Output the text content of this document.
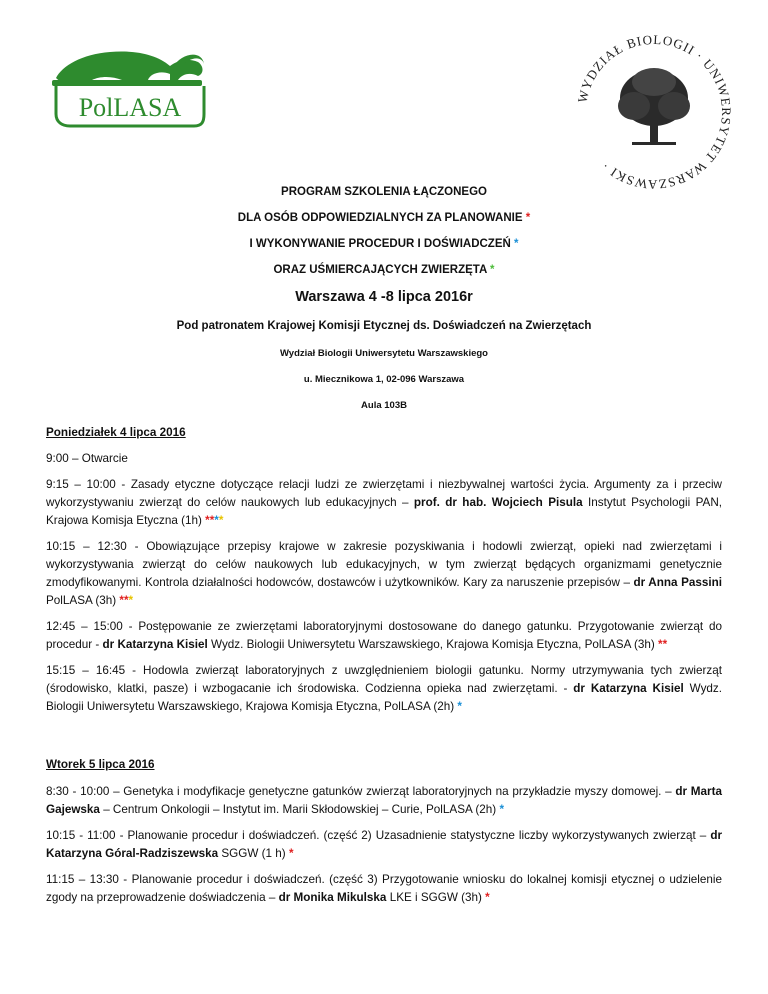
PolLASA	WYDZIAŁ BIOLOGII · UNIWERSYTET WARSZAWSKI ·
PROGRAM SZKOLENIA ŁĄCZONEGO
DLA OSÓB ODPOWIEDZIALNYCH ZA PLANOWANIE *
I WYKONYWANIE PROCEDUR I DOŚWIADCZEŃ *
ORAZ UŚMIERCAJĄCYCH ZWIERZĘTA *
Warszawa 4 -8 lipca 2016r
Pod patronatem Krajowej Komisji Etycznej ds. Doświadczeń na Zwierzętach
Wydział Biologii Uniwersytetu Warszawskiego
u. Miecznikowa 1, 02-096 Warszawa
Aula 103B

Poniedziałek 4 lipca 2016

9:00 – Otwarcie

9:15 – 10:00 - Zasady etyczne dotyczące relacji ludzi ze zwierzętami i niezbywalnej wartości życia. Argumenty za i przeciw wykorzystywaniu zwierząt do celów naukowych lub edukacyjnych – prof. dr hab. Wojciech Pisula Instytut Psychologii PAN, Krajowa Komisja Etyczna (1h) ****

10:15 – 12:30 - Obowiązujące przepisy krajowe w zakresie pozyskiwania i hodowli zwierząt, opieki nad zwierzętami i wykorzystywania zwierząt do celów naukowych lub edukacyjnych, w tym zwierząt będących organizmami genetycznie zmodyfikowanymi. Kontrola działalności hodowców, dostawców i użytkowników. Kary za naruszenie przepisów – dr Anna Passini PolLASA (3h) ***

12:45 – 15:00 - Postępowanie ze zwierzętami laboratoryjnymi dostosowane do danego gatunku. Przygotowanie zwierząt do procedur - dr Katarzyna Kisiel Wydz. Biologii Uniwersytetu Warszawskiego, Krajowa Komisja Etyczna, PolLASA (3h) **

15:15 – 16:45 - Hodowla zwierząt laboratoryjnych z uwzględnieniem biologii gatunku. Normy utrzymywania tych zwierząt (środowisko, klatki, pasze) i wzbogacanie ich środowiska. Codzienna opieka nad zwierzętami. - dr Katarzyna Kisiel Wydz. Biologii Uniwersytetu Warszawskiego, Krajowa Komisja Etyczna, PolLASA (2h) *

Wtorek 5 lipca 2016

8:30 - 10:00 – Genetyka i modyfikacje genetyczne gatunków zwierząt laboratoryjnych na przykładzie myszy domowej. – dr Marta Gajewska – Centrum Onkologii – Instytut im. Marii Skłodowskiej – Curie, PolLASA (2h) *

10:15 - 11:00 - Planowanie procedur i doświadczeń. (część 2) Uzasadnienie statystyczne liczby wykorzystywanych zwierząt – dr Katarzyna Góral-Radziszewska SGGW (1 h) *

11:15 – 13:30 - Planowanie procedur i doświadczeń. (część 3) Przygotowanie wniosku do lokalnej komisji etycznej o udzielenie zgody na przeprowadzenie doświadczenia – dr Monika Mikulska LKE i SGGW (3h) *
